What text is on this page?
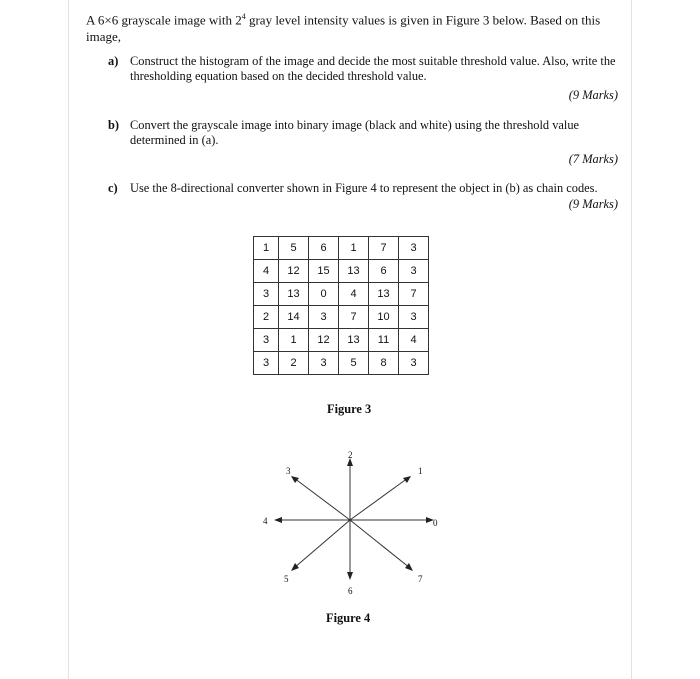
A 6×6 grayscale image with $2^4$ gray level intensity values is given in Figure 3 below. Based on this image,
a) Construct the histogram of the image and decide the most suitable threshold value. Also, write the thresholding equation based on the decided threshold value.
(9 Marks)
b) Convert the grayscale image into binary image (black and white) using the threshold value determined in (a).
(7 Marks)
c) Use the 8-directional converter shown in Figure 4 to represent the object in (b) as chain codes.
(9 Marks)
1	5	6	1	7	3
4	12	15	13	6	3
3	13	0	4	13	7
2	14	3	7	10	3
3	1	12	13	11	4
3	2	3	5	8	3
Figure 3
0
1
2
3
4
5
6
7
Figure 4
